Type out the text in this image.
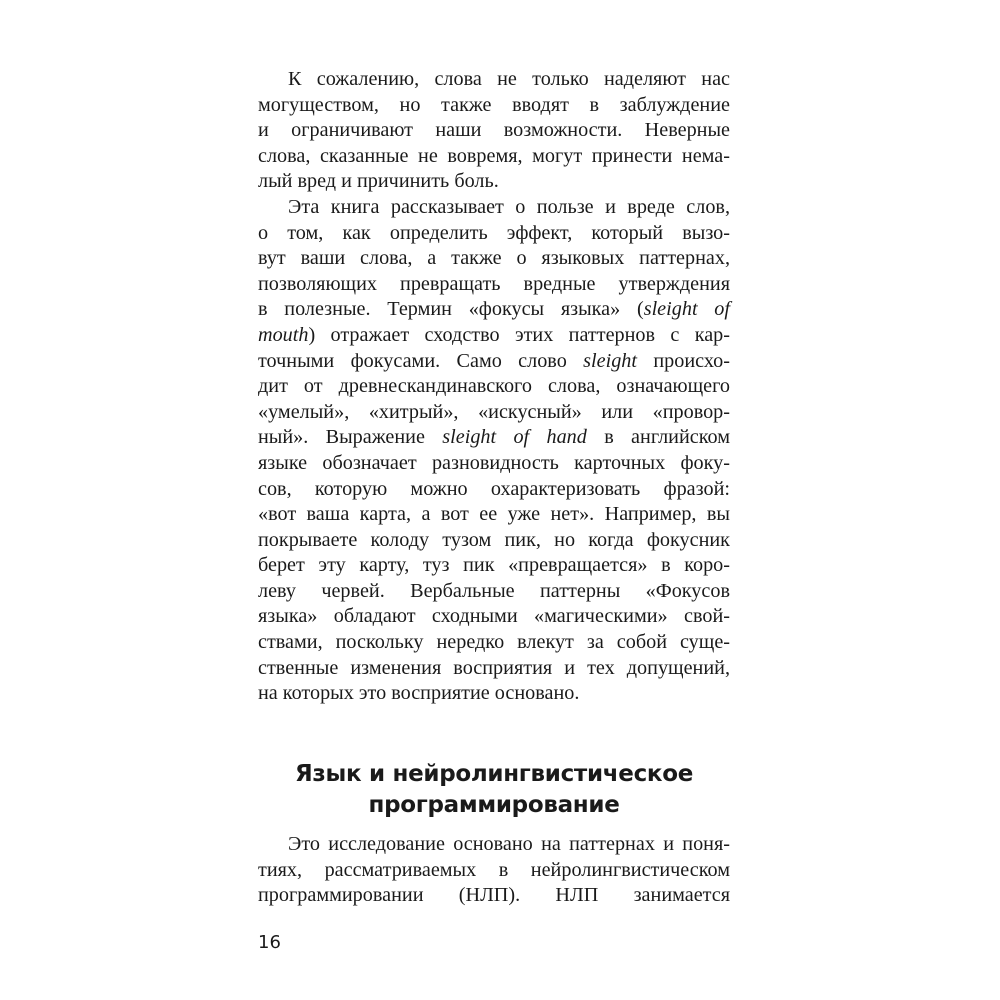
К сожалению, слова не только наделяют нас
могуществом, но также вводят в заблуждение
и ограничивают наши возможности. Неверные
слова, сказанные не вовремя, могут принести нема-
лый вред и причинить боль.

Эта книга рассказывает о пользе и вреде слов,
о том, как определить эффект, который вызо-
вут ваши слова, а также о языковых паттернах,
позволяющих превращать вредные утверждения
в полезные. Термин «фокусы языка» (sleight of
mouth) отражает сходство этих паттернов с кар-
точными фокусами. Само слово sleight происхо-
дит от древнескандинавского слова, означающего
«умелый», «хитрый», «искусный» или «провор-
ный». Выражение sleight of hand в английском
языке обозначает разновидность карточных фоку-
сов, которую можно охарактеризовать фразой:
«вот ваша карта, а вот ее уже нет». Например, вы
покрываете колоду тузом пик, но когда фокусник
берет эту карту, туз пик «превращается» в коро-
леву червей. Вербальные паттерны «Фокусов
языка» обладают сходными «магическими» свой-
ствами, поскольку нередко влекут за собой суще-
ственные изменения восприятия и тех допущений,
на которых это восприятие основано.

Язык и нейролингвистическое
программирование

Это исследование основано на паттернах и поня-
тиях, рассматриваемых в нейролингвистическом
программировании (НЛП). НЛП занимается

16
